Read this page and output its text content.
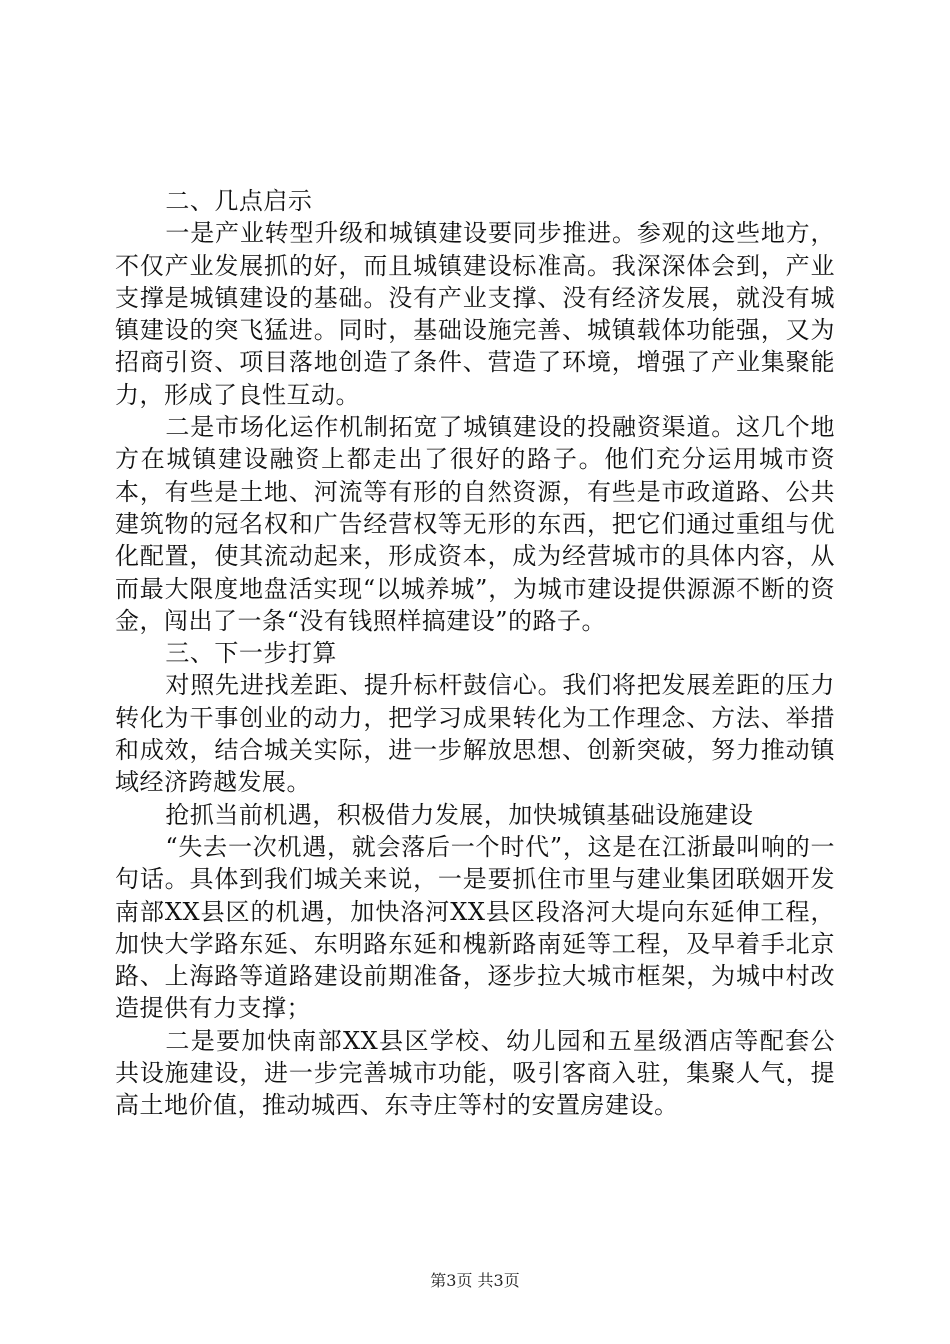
二、几点启示

一是产业转型升级和城镇建设要同步推进。参观的这些地方，不仅产业发展抓的好，而且城镇建设标准高。我深深体会到，产业支撑是城镇建设的基础。没有产业支撑、没有经济发展，就没有城镇建设的突飞猛进。同时，基础设施完善、城镇载体功能强，又为招商引资、项目落地创造了条件、营造了环境，增强了产业集聚能力，形成了良性互动。

二是市场化运作机制拓宽了城镇建设的投融资渠道。这几个地方在城镇建设融资上都走出了很好的路子。他们充分运用城市资本，有些是土地、河流等有形的自然资源，有些是市政道路、公共建筑物的冠名权和广告经营权等无形的东西，把它们通过重组与优化配置，使其流动起来，形成资本，成为经营城市的具体内容，从而最大限度地盘活实现“以城养城”，为城市建设提供源源不断的资金，闯出了一条“没有钱照样搞建设”的路子。

三、下一步打算

对照先进找差距、提升标杆鼓信心。我们将把发展差距的压力转化为干事创业的动力，把学习成果转化为工作理念、方法、举措和成效，结合城关实际，进一步解放思想、创新突破，努力推动镇域经济跨越发展。

抢抓当前机遇，积极借力发展，加快城镇基础设施建设

“失去一次机遇，就会落后一个时代”，这是在江浙最叫响的一句话。具体到我们城关来说，一是要抓住市里与建业集团联姻开发南部XX县区的机遇，加快洛河XX县区段洛河大堤向东延伸工程，加快大学路东延、东明路东延和槐新路南延等工程，及早着手北京路、上海路等道路建设前期准备，逐步拉大城市框架，为城中村改造提供有力支撑；

二是要加快南部XX县区学校、幼儿园和五星级酒店等配套公共设施建设，进一步完善城市功能，吸引客商入驻，集聚人气，提高土地价值，推动城西、东寺庄等村的安置房建设。

第3页 共3页
